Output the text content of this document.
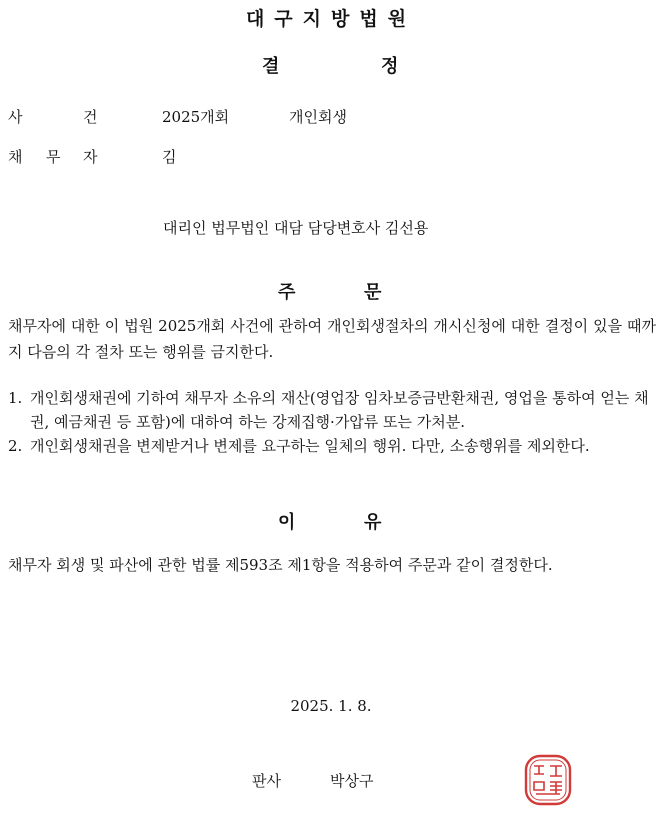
대구지방법원
결	정
사	건	2025개회	개인회생
채 무 자	김
대리인 법무법인 대담 담당변호사 김선용
주	문
채무자에 대한 이 법원 2025개회 사건에 관하여 개인회생절차의 개시신청에 대한 결정이 있을 때까지 다음의 각 절차 또는 행위를 금지한다.
1. 개인회생채권에 기하여 채무자 소유의 재산(영업장 임차보증금반환채권, 영업을 통하여 얻는 채권, 예금채권 등 포함)에 대하여 하는 강제집행·가압류 또는 가처분.
2. 개인회생채권을 변제받거나 변제를 요구하는 일체의 행위. 다만, 소송행위를 제외한다.
이	유
채무자 회생 및 파산에 관한 법률 제593조 제1항을 적용하여 주문과 같이 결정한다.
2025. 1. 8.
판사	박상구
